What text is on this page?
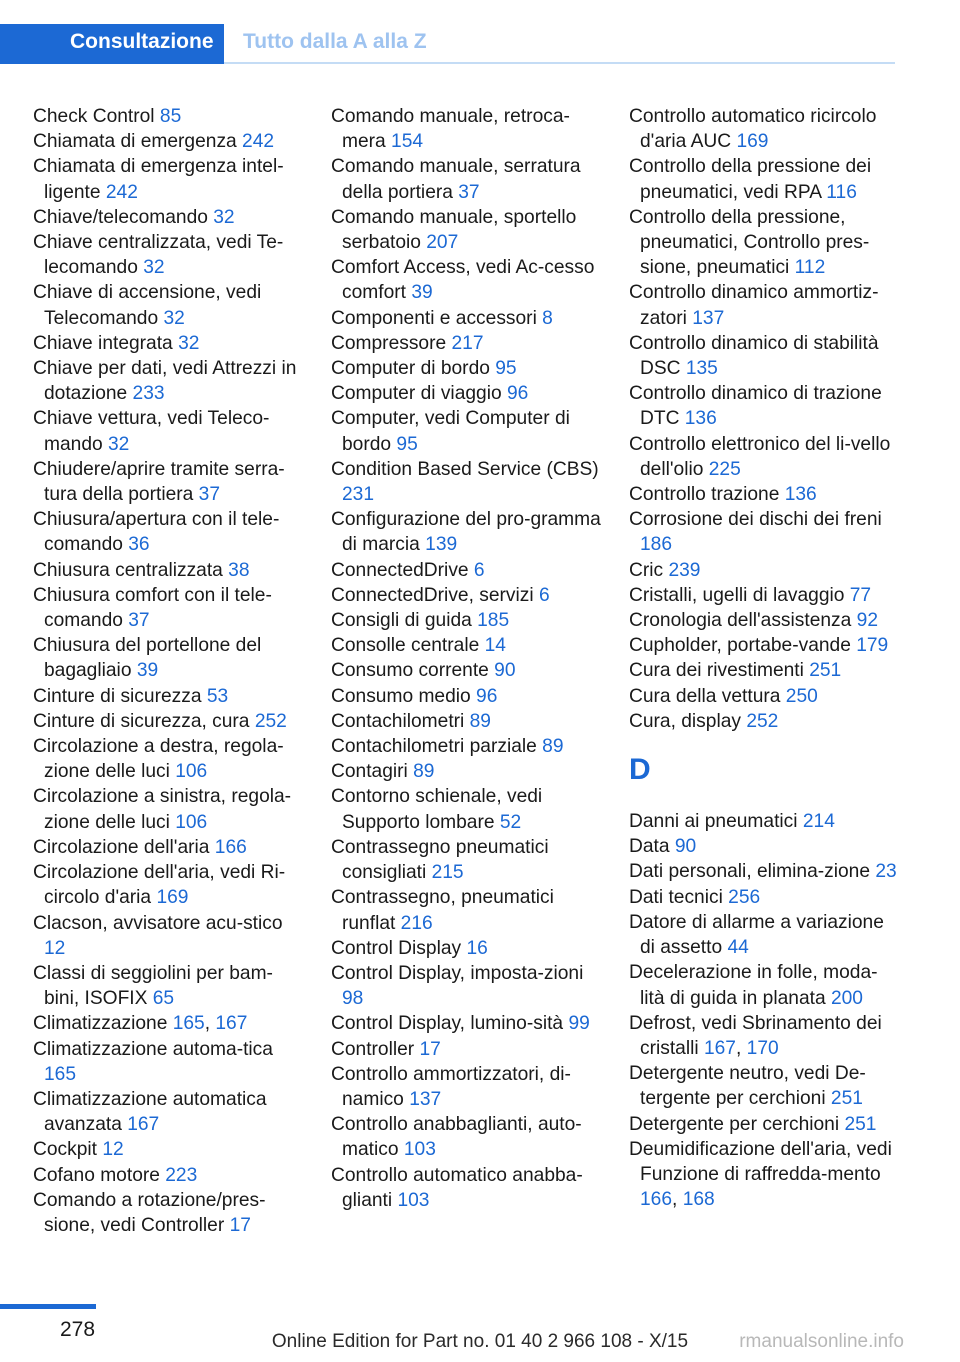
Consultazione Tutto dalla A alla Z
Check Control 85
Chiamata di emergenza 242
Chiamata di emergenza intel‐ligente 242
Chiave/telecomando 32
Chiave centralizzata, vedi Te‐lecomando 32
Chiave di accensione, vedi Telecomando 32
Chiave integrata 32
Chiave per dati, vedi Attrezzi in dotazione 233
Chiave vettura, vedi Teleco‐mando 32
Chiudere/aprire tramite serra‐tura della portiera 37
Chiusura/apertura con il tele‐comando 36
Chiusura centralizzata 38
Chiusura comfort con il tele‐comando 37
Chiusura del portellone del bagagliaio 39
Cinture di sicurezza 53
Cinture di sicurezza, cura 252
Circolazione a destra, regola‐zione delle luci 106
Circolazione a sinistra, regola‐zione delle luci 106
Circolazione dell'aria 166
Circolazione dell'aria, vedi Ri‐circolo d'aria 169
Clacson, avvisatore acu‐stico 12
Classi di seggiolini per bam‐bini, ISOFIX 65
Climatizzazione 165, 167
Climatizzazione automa‐tica 165
Climatizzazione automatica avanzata 167
Cockpit 12
Cofano motore 223
Comando a rotazione/pres‐sione, vedi Controller 17
Comando manuale, retroca‐mera 154
Comando manuale, serratura della portiera 37
Comando manuale, sportello serbatoio 207
Comfort Access, vedi Ac‐cesso comfort 39
Componenti e accessori 8
Compressore 217
Computer di bordo 95
Computer di viaggio 96
Computer, vedi Computer di bordo 95
Condition Based Service (CBS) 231
Configurazione del pro‐gramma di marcia 139
ConnectedDrive 6
ConnectedDrive, servizi 6
Consigli di guida 185
Consolle centrale 14
Consumo corrente 90
Consumo medio 96
Contachilometri 89
Contachilometri parziale 89
Contagiri 89
Contorno schienale, vedi Supporto lombare 52
Contrassegno pneumatici consigliati 215
Contrassegno, pneumatici runflat 216
Control Display 16
Control Display, imposta‐zioni 98
Control Display, lumino‐sità 99
Controller 17
Controllo ammortizzatori, di‐namico 137
Controllo anabbaglianti, auto‐matico 103
Controllo automatico anabba‐glianti 103
Controllo automatico ricircolo d'aria AUC 169
Controllo della pressione dei pneumatici, vedi RPA 116
Controllo della pressione, pneumatici, Controllo pres‐sione, pneumatici 112
Controllo dinamico ammortiz‐zatori 137
Controllo dinamico di stabilità DSC 135
Controllo dinamico di trazione DTC 136
Controllo elettronico del li‐vello dell'olio 225
Controllo trazione 136
Corrosione dei dischi dei freni 186
Cric 239
Cristalli, ugelli di lavaggio 77
Cronologia dell'assistenza 92
Cupholder, portabe‐vande 179
Cura dei rivestimenti 251
Cura della vettura 250
Cura, display 252
D
Danni ai pneumatici 214
Data 90
Dati personali, elimina‐zione 23
Dati tecnici 256
Datore di allarme a variazione di assetto 44
Decelerazione in folle, moda‐lità di guida in planata 200
Defrost, vedi Sbrinamento dei cristalli 167, 170
Detergente neutro, vedi De‐tergente per cerchioni 251
Detergente per cerchioni 251
Deumidificazione dell'aria, vedi Funzione di raffredda‐mento 166, 168
278
Online Edition for Part no. 01 40 2 966 108 - X/15	rmanualsonline.info
